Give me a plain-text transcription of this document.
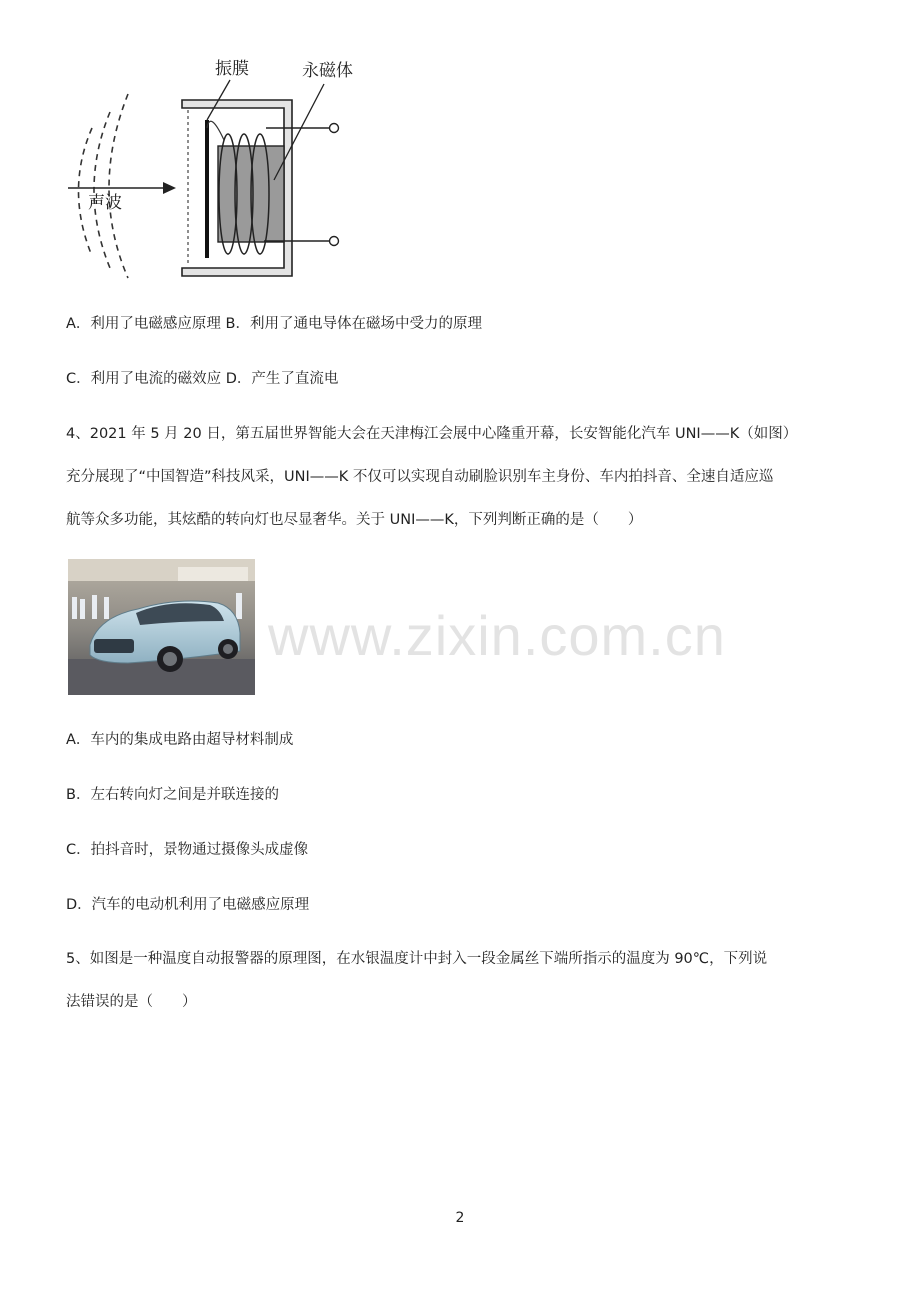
声波
振膜	永磁体
A．利用了电磁感应原理 B．利用了通电导体在磁场中受力的原理
C．利用了电流的磁效应 D．产生了直流电
4、2021 年 5 月 20 日，第五届世界智能大会在天津梅江会展中心隆重开幕，长安智能化汽车 UNI——K（如图）
充分展现了“中国智造”科技风采，UNI——K 不仅可以实现自动刷脸识别车主身份、车内拍抖音、全速自适应巡
航等众多功能，其炫酷的转向灯也尽显奢华。关于 UNI——K，下列判断正确的是（　　）
www.zixin.com.cn
A．车内的集成电路由超导材料制成
B．左右转向灯之间是并联连接的
C．拍抖音时，景物通过摄像头成虚像
D．汽车的电动机利用了电磁感应原理
5、如图是一种温度自动报警器的原理图，在水银温度计中封入一段金属丝下端所指示的温度为 90℃，下列说
法错误的是（　　）
2
